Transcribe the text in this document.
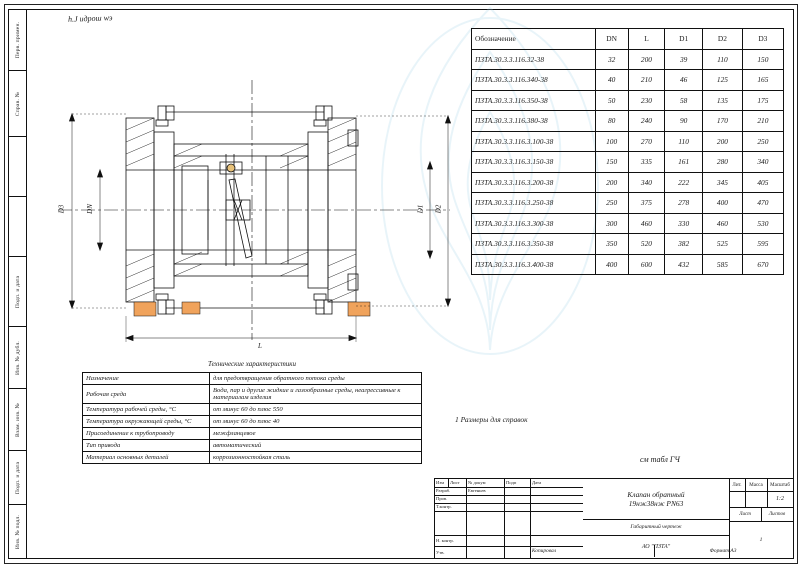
Перв. примен.
Справ. №
Подп. и дата
Инв. № дубл.
Взам. инв. №
Подп. и дата
Инв. № подл.
h.J идрош wэ
D3	DN	D1 D2
L
Обозначение	DN	L	D1	D2	D3
ПЗТА.30.3.3.116.32-38	32	200	39	110	150
ПЗТА.30.3.3.116.340-38	40	210	46	125	165
ПЗТА.30.3.3.116.350-38	50	230	58	135	175
ПЗТА.30.3.3.116.380-38	80	240	90	170	210
ПЗТА.30.3.3.116.3.100-38	100	270	110	200	250
ПЗТА.30.3.3.116.3.150-38	150	335	161	280	340
ПЗТА.30.3.3.116.3.200-38	200	340	222	345	405
ПЗТА.30.3.3.116.3.250-38	250	375	278	400	470
ПЗТА.30.3.3.116.3.300-38	300	460	330	460	530
ПЗТА.30.3.3.116.3.350-38	350	520	382	525	595
ПЗТА.30.3.3.116.3.400-38	400	600	432	585	670
Технические характеристики
Назначение	для предотвращения обратного потока среды
Рабочая среда	Вода, пар и другие жидкие и газообразные среды, неагрессивные к материалам изделия
Температура рабочей среды, °С	от минус 60 до плюс 550
Температура окружающей среды, °С	от минус 60 до плюс 40
Присоединение к трубопроводу	межфланцевое
Тип привода	автоматический
Материал основных деталей	коррозионностойкая сталь
1 Размеры для справок
см табл ГЧ
Изм	Лист	№ докум	Подп	Дата
Разраб.	Евгеньев
Пров.
Т.контр.
Н. контр.
Утв.
Клапан обратный
19нж38нж PN63
Габаритный чертеж
АО "ПЗТА"
Лит.	Масса	Масштаб
1:2
Лист	Листов
1
Копировал	Формат A3
